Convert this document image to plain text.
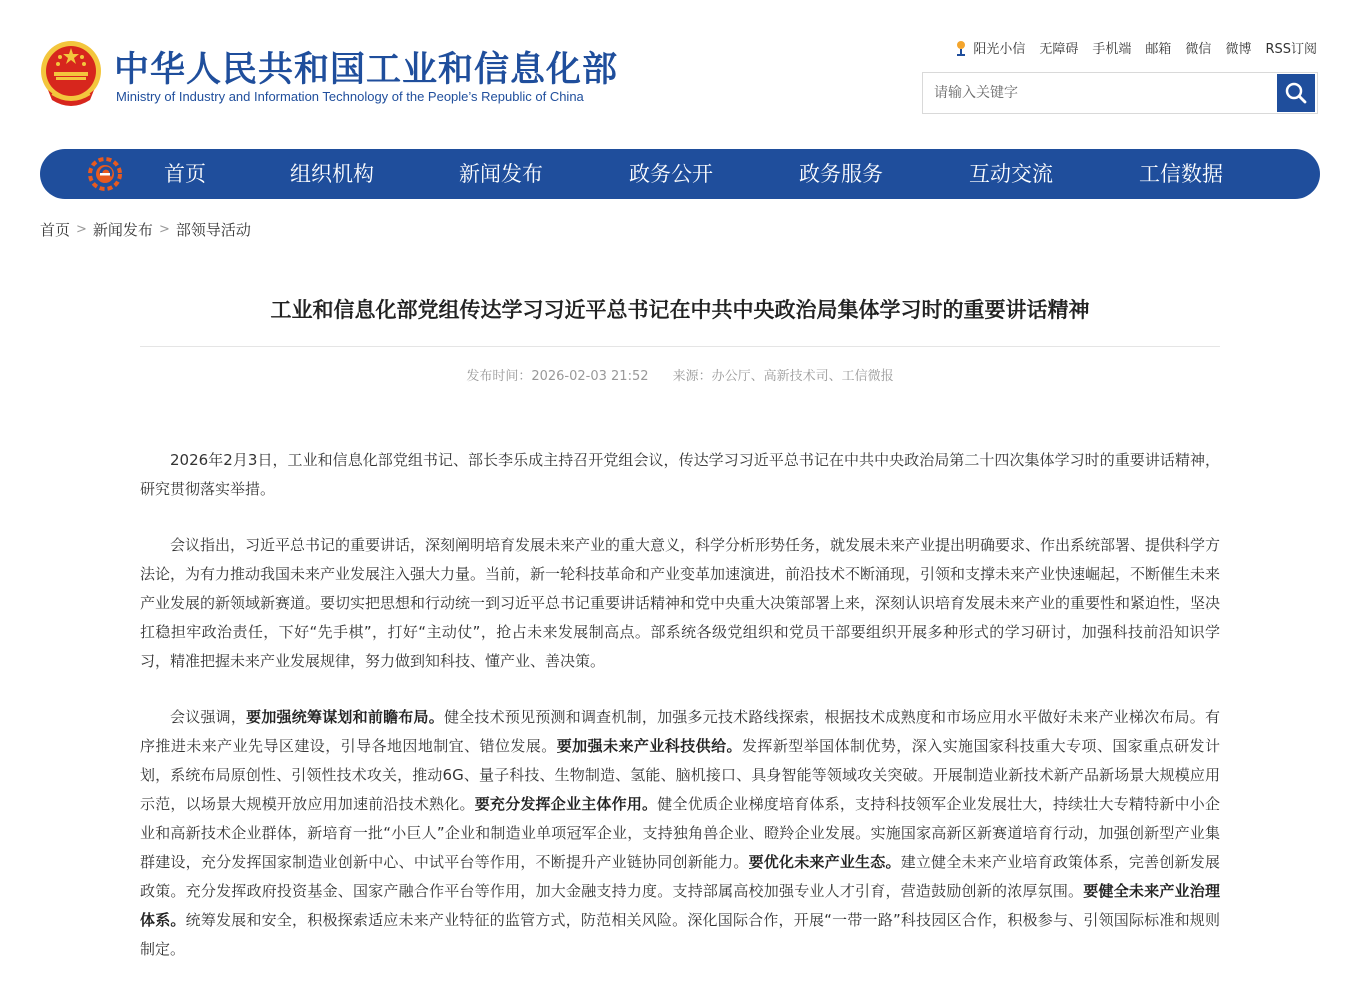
中华人民共和国工业和信息化部
Ministry of Industry and Information Technology of the People’s Republic of China
阳光小信 无障碍 手机端 邮箱 微信 微博 RSS订阅
请输入关键字
首页	组织机构	新闻发布	政务公开	政务服务	互动交流	工信数据
首页 > 新闻发布 > 部领导活动
工业和信息化部党组传达学习习近平总书记在中共中央政治局集体学习时的重要讲话精神
发布时间：2026-02-03 21:52 来源：办公厅、高新技术司、工信微报

2026年2月3日，工业和信息化部党组书记、部长李乐成主持召开党组会议，传达学习习近平总书记在中共中央政治局第二十四次集体学习时的重要讲话精神，研究贯彻落实举措。

会议指出，习近平总书记的重要讲话，深刻阐明培育发展未来产业的重大意义，科学分析形势任务，就发展未来产业提出明确要求、作出系统部署、提供科学方法论，为有力推动我国未来产业发展注入强大力量。当前，新一轮科技革命和产业变革加速演进，前沿技术不断涌现，引领和支撑未来产业快速崛起，不断催生未来产业发展的新领域新赛道。要切实把思想和行动统一到习近平总书记重要讲话精神和党中央重大决策部署上来，深刻认识培育发展未来产业的重要性和紧迫性，坚决扛稳担牢政治责任，下好“先手棋”，打好“主动仗”，抢占未来发展制高点。部系统各级党组织和党员干部要组织开展多种形式的学习研讨，加强科技前沿知识学习，精准把握未来产业发展规律，努力做到知科技、懂产业、善决策。

会议强调，要加强统筹谋划和前瞻布局。健全技术预见预测和调查机制，加强多元技术路线探索，根据技术成熟度和市场应用水平做好未来产业梯次布局。有序推进未来产业先导区建设，引导各地因地制宜、错位发展。要加强未来产业科技供给。发挥新型举国体制优势，深入实施国家科技重大专项、国家重点研发计划，系统布局原创性、引领性技术攻关，推动6G、量子科技、生物制造、氢能、脑机接口、具身智能等领域攻关突破。开展制造业新技术新产品新场景大规模应用示范，以场景大规模开放应用加速前沿技术熟化。要充分发挥企业主体作用。健全优质企业梯度培育体系，支持科技领军企业发展壮大，持续壮大专精特新中小企业和高新技术企业群体，新培育一批“小巨人”企业和制造业单项冠军企业，支持独角兽企业、瞪羚企业发展。实施国家高新区新赛道培育行动，加强创新型产业集群建设，充分发挥国家制造业创新中心、中试平台等作用，不断提升产业链协同创新能力。要优化未来产业生态。建立健全未来产业培育政策体系，完善创新发展政策。充分发挥政府投资基金、国家产融合作平台等作用，加大金融支持力度。支持部属高校加强专业人才引育，营造鼓励创新的浓厚氛围。要健全未来产业治理体系。统筹发展和安全，积极探索适应未来产业特征的监管方式，防范相关风险。深化国际合作，开展“一带一路”科技园区合作，积极参与、引领国际标准和规则制定。
